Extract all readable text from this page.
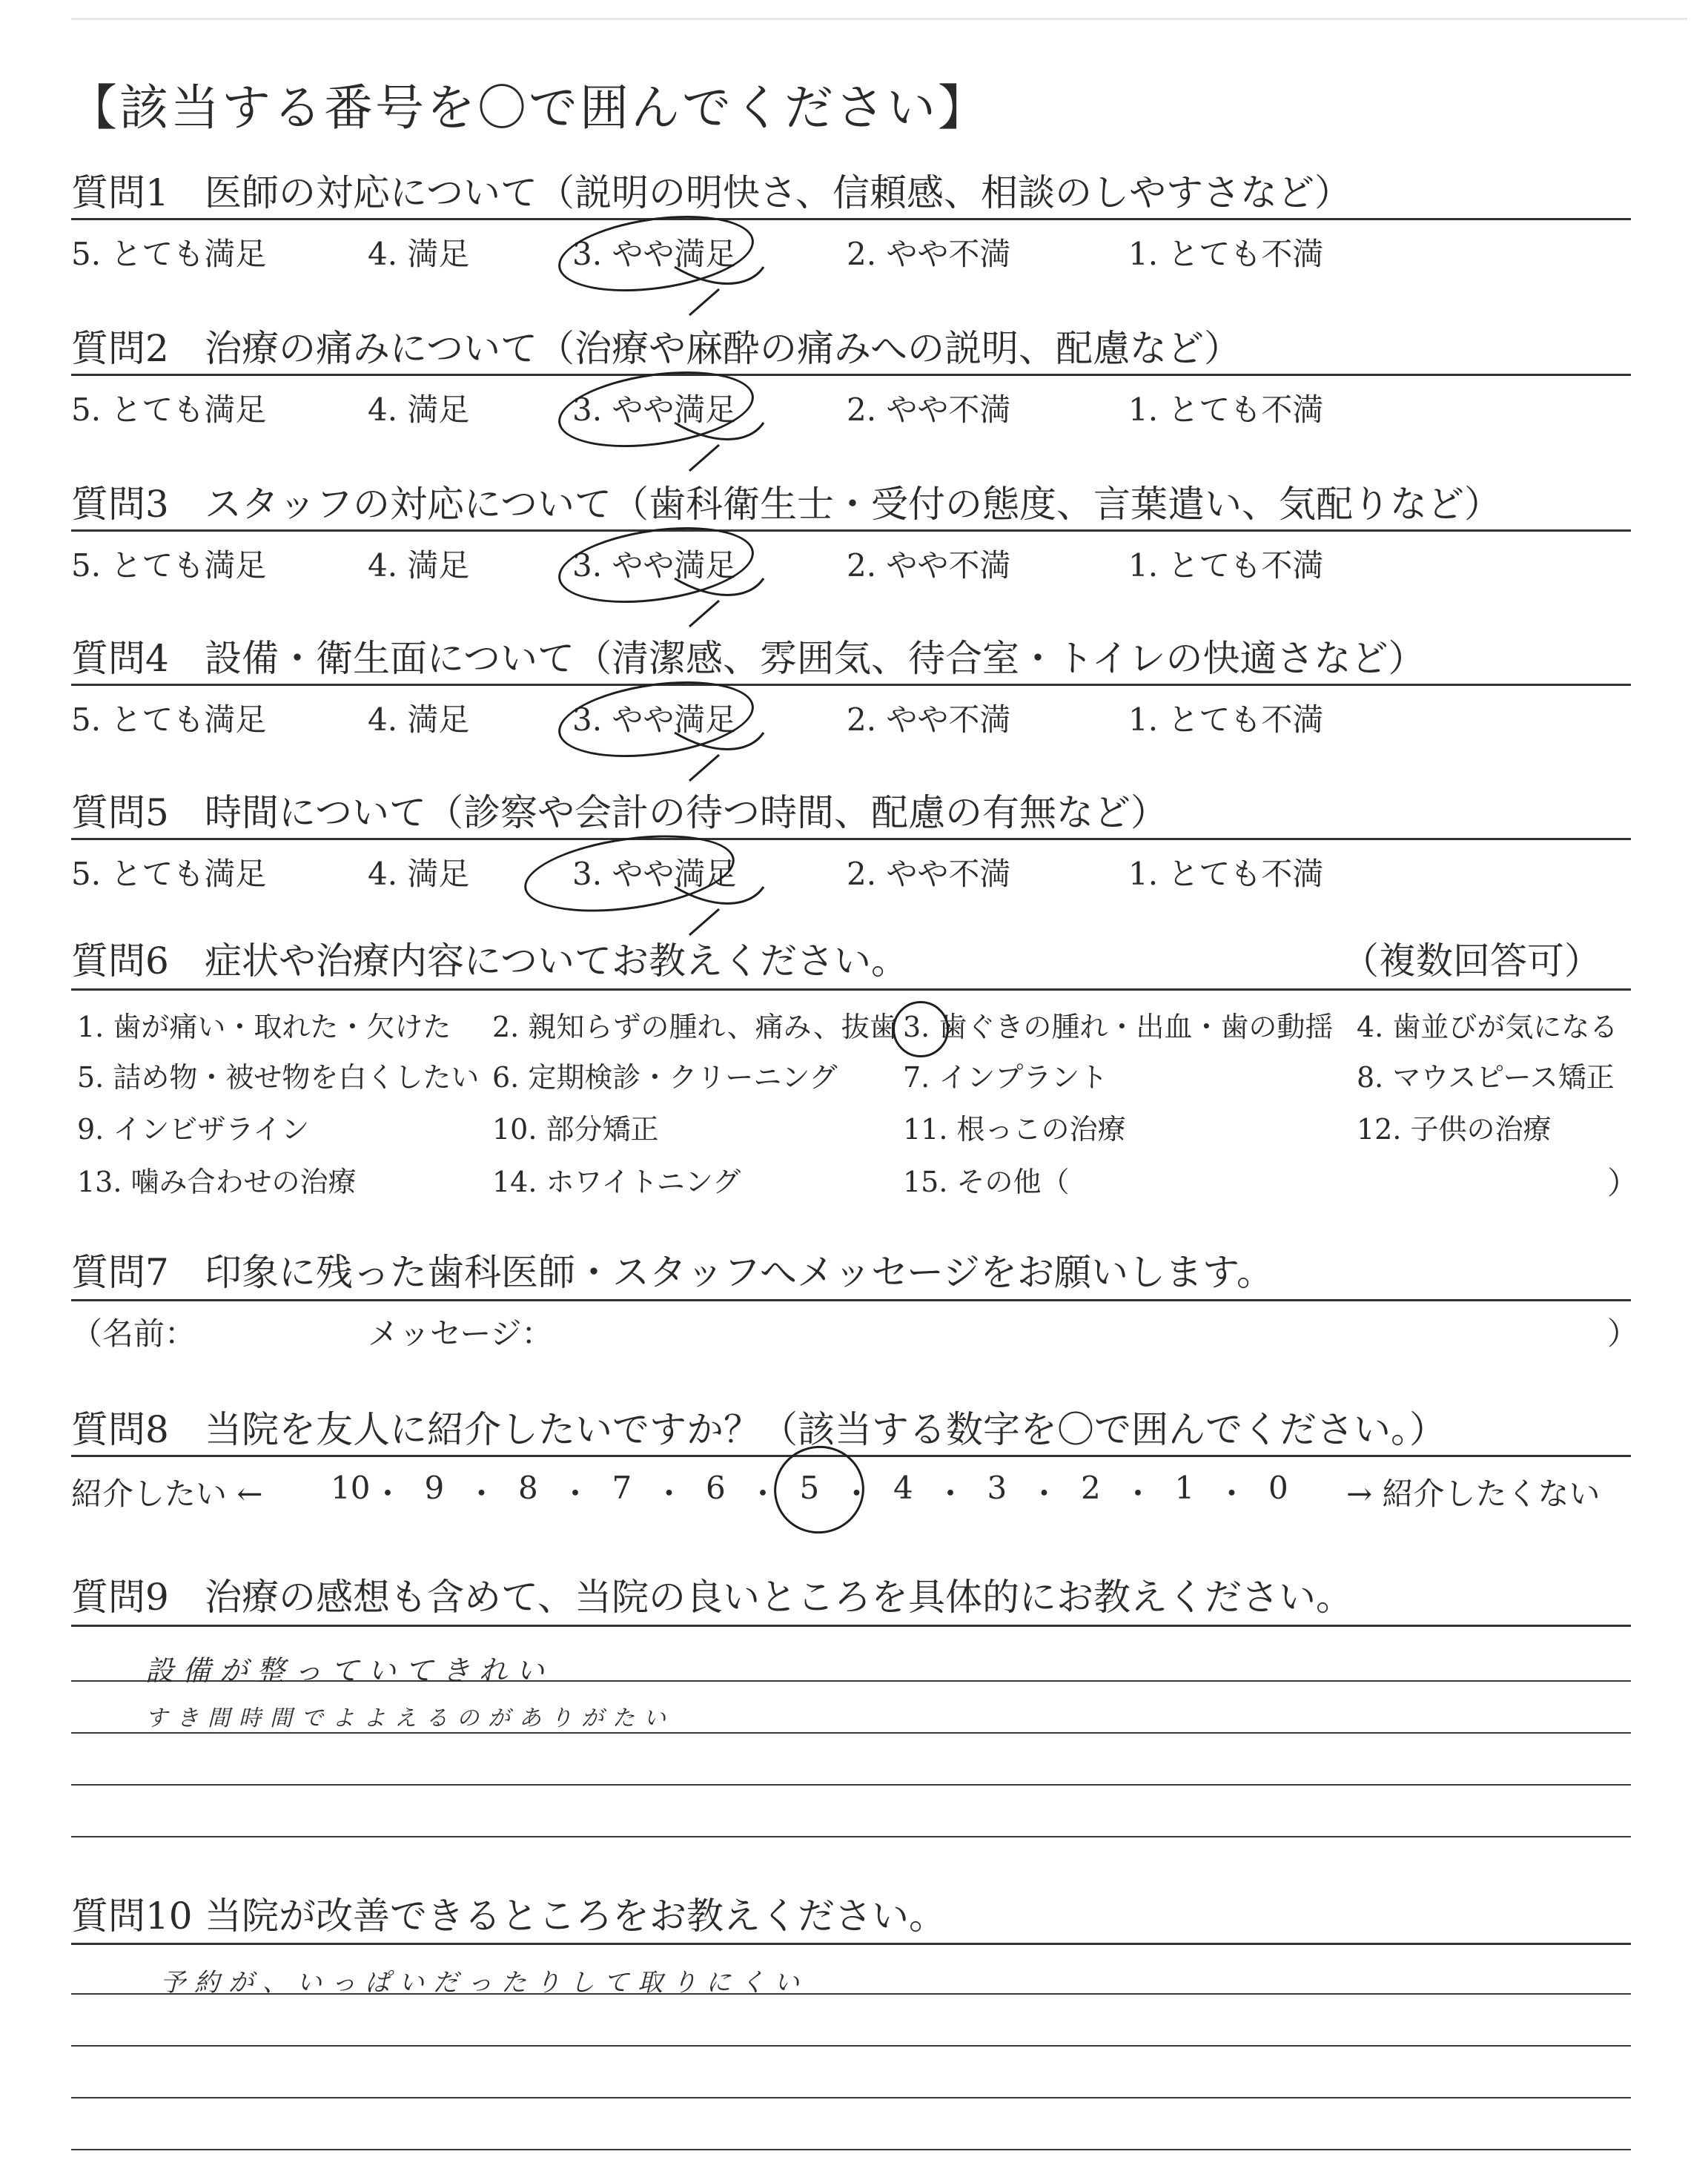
【該当する番号を〇で囲んでください】
質問1 医師の対応について（説明の明快さ、信頼感、相談のしやすさなど）
5. とても満足	4. 満足	3. やや満足	2. やや不満	1. とても不満
質問2 治療の痛みについて（治療や麻酔の痛みへの説明、配慮など）
5. とても満足	4. 満足	3. やや満足	2. やや不満	1. とても不満
質問3 スタッフの対応について（歯科衛生士・受付の態度、言葉遣い、気配りなど）
5. とても満足	4. 満足	3. やや満足	2. やや不満	1. とても不満
質問4 設備・衛生面について（清潔感、雰囲気、待合室・トイレの快適さなど）
5. とても満足	4. 満足	3. やや満足	2. やや不満	1. とても不満
質問5 時間について（診察や会計の待つ時間、配慮の有無など）
5. とても満足	4. 満足	3. やや満足	2. やや不満	1. とても不満
質問6 症状や治療内容についてお教えください。	（複数回答可）
1. 歯が痛い・取れた・欠けた 2. 親知らずの腫れ、痛み、抜歯 3. 歯ぐきの腫れ・出血・歯の動揺 4. 歯並びが気になる
5. 詰め物・被せ物を白くしたい 6. 定期検診・クリーニング 7. インプラント	8. マウスピース矯正
9. インビザライン	10. 部分矯正	11. 根っこの治療	12. 子供の治療
13. 噛み合わせの治療	14. ホワイトニング	15. その他（	）
質問7 印象に残った歯科医師・スタッフへメッセージをお願いします。
（名前：	メッセージ：	）
質問8 当院を友人に紹介したいですか？（該当する数字を〇で囲んでください。）
紹介したい ← 10 ・ 9 ・ 8 ・ 7 ・ 6 ・ 5 ・ 4 ・ 3 ・ 2 ・ 1 ・ 0 → 紹介したくない
質問9 治療の感想も含めて、当院の良いところを具体的にお教えください。
設備が整っていてきれい
すき間時間でよよえるのがありがたい
質問10 当院が改善できるところをお教えください。
予約が、いっぱいだったりして取りにくい
